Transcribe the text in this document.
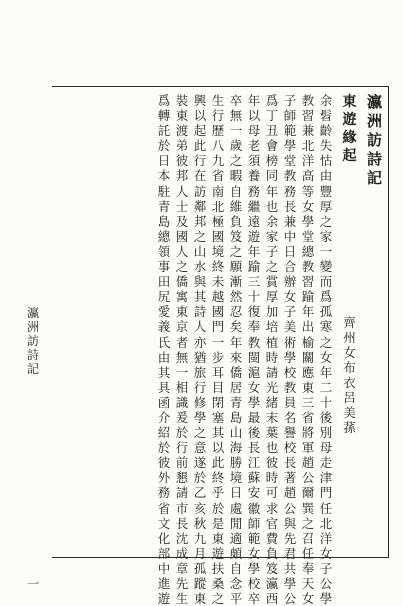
瀛
洲
訪
詩
記
一
瀛
洲
訪
詩
記
東
遊
緣
起
齊
州
女
布
衣
呂
美
蓀
余
髫
齡
失
怙
由
豐
厚
之
家
一
變
而
爲
孤
寒
之
女
年
二
十
後
別
母
走
津
門
任
北
洋
女
子
公
學
教
習
兼
北
洋
高
等
女
學
堂
總
教
習
踰
年
出
榆
關
應
東
三
省
將
軍
趙
公
爾
巽
之
召
任
奉
天
女
子
師
範
學
堂
教
務
長
兼
中
日
合
辦
女
子
美
術
學
校
教
員
名
譽
校
長
著
趙
公
與
先
君
共
學
公
爲
丁
丑
會
榜
同
年
也
余
家
子
之
賞
厚
加
培
植
時
請
光
緒
末
葉
也
彼
時
可
求
官
費
負
笈
瀛
西
年
以
母
老
須
養
務
繼
遠
遊
年
踰
三
十
復
奉
教
閩
滬
女
學
最
後
長
江
蘇
安
徽
師
範
女
學
校
卒
卒
無
一
歲
之
暇
自
維
負
笈
之
願
漸
然
忍
矣
年
來
僑
居
青
島
山
海
勝
境
日
處
閒
適
頗
自
念
平
生
行
歷
八
九
省
南
北
極
國
境
終
未
越
國
門
一
步
耳
目
閉
塞
其
以
此
終
乎
於
是
東
遊
扶
桑
之
興
以
起
此
行
在
訪
鄰
邦
之
山
水
與
其
詩
人
亦
猶
旅
行
修
學
之
意
遂
於
乙
亥
秋
九
月
孤
蹤
東
裝
東
渡
弟
彼
邦
人
士
及
國
人
之
僑
寓
東
京
者
無
一
相
識
爰
於
行
前
懇
請
市
長
沈
成
章
先
生
爲
轉
託
於
日
本
駐
青
島
總
領
事
田
尻
愛
義
氏
由
其
具
函
介
紹
於
彼
外
務
省
文
化
部
中
進
遊
